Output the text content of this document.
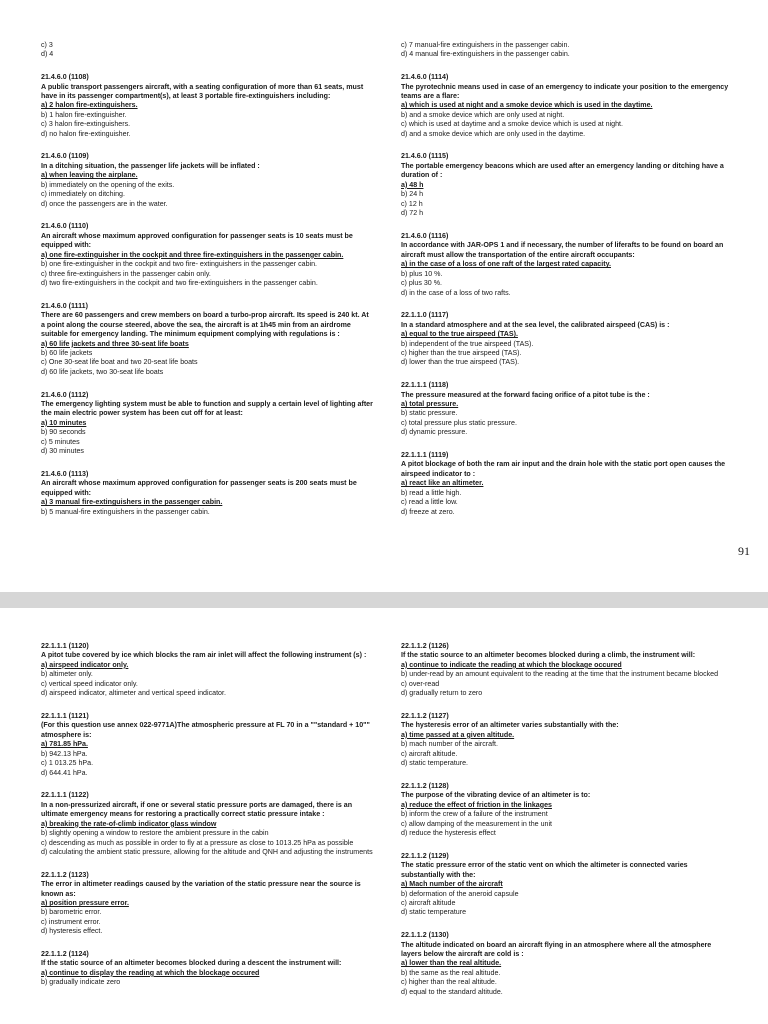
c) 3
d) 4
21.4.6.0 (1108)
A public transport passengers aircraft, with a seating configuration of more than 61 seats, must have in its passenger compartment(s), at least 3 portable fire-extinguishers including:
a) 2 halon fire-extinguishers.
b) 1 halon fire-extinguisher.
c) 3 halon fire-extinguishers.
d) no halon fire-extinguisher.
21.4.6.0 (1109)
In a ditching situation, the passenger life jackets will be inflated :
a) when leaving the airplane.
b) immediately on the opening of the exits.
c) immediately on ditching.
d) once the passengers are in the water.
21.4.6.0 (1110)
An aircraft whose maximum approved configuration for passenger seats is 10 seats must be equipped with:
a) one fire-extinguisher in the cockpit and three fire-extinguishers in the passenger cabin.
b) one fire-extinguisher in the cockpit and two fire- extinguishers in the passenger cabin.
c) three fire-extinguishers in the passenger cabin only.
d) two fire-extinguishers in the cockpit and two fire-extinguishers in the passenger cabin.
21.4.6.0 (1111)
There are 60 passengers and crew members on board a turbo-prop aircraft. Its speed is 240 kt. At a point along the course steered, above the sea, the aircraft is at 1h45 min from an airdrome suitable for emergency landing. The minimum equipment complying with regulations is :
a) 60 life jackets and three 30-seat life boats
b) 60 life jackets
c) One 30-seat life boat and two 20-seat life boats
d) 60 life jackets, two 30-seat life boats
21.4.6.0 (1112)
The emergency lighting system must be able to function and supply a certain level of lighting after the main electric power system has been cut off for at least:
a) 10 minutes
b) 90 seconds
c) 5 minutes
d) 30 minutes
21.4.6.0 (1113)
An aircraft whose maximum approved configuration for passenger seats is 200 seats must be equipped with:
a) 3 manual fire-extinguishers in the passenger cabin.
b) 5 manual-fire extinguishers in the passenger cabin.
c) 7 manual-fire extinguishers in the passenger cabin.
d) 4 manual fire-extinguishers in the passenger cabin.
21.4.6.0 (1114)
The pyrotechnic means used in case of an emergency to indicate your position to the emergency teams are a flare:
a) which is used at night and a smoke device which is used in the daytime.
b) and a smoke device which are only used at night.
c) which is used at daytime and a smoke device which is used at night.
d) and a smoke device which are only used in the daytime.
21.4.6.0 (1115)
The portable emergency beacons which are used after an emergency landing or ditching have a duration of :
a) 48 h
b) 24 h
c) 12 h
d) 72 h
21.4.6.0 (1116)
In accordance with JAR-OPS 1 and if necessary, the number of liferafts to be found on board an aircraft must allow the transportation of the entire aircraft occupants:
a) in the case of a loss of one raft of the largest rated capacity.
b) plus 10 %.
c) plus 30 %.
d) in the case of a loss of two rafts.
22.1.1.0 (1117)
In a standard atmosphere and at the sea level, the calibrated airspeed (CAS) is :
a) equal to the true airspeed (TAS).
b) independent of the true airspeed (TAS).
c) higher than the true airspeed (TAS).
d) lower than the true airspeed (TAS).
22.1.1.1 (1118)
The pressure measured at the forward facing orifice of a pitot tube is the :
a) total pressure.
b) static pressure.
c) total pressure plus static pressure.
d) dynamic pressure.
22.1.1.1 (1119)
A pitot blockage of both the ram air input and the drain hole with the static port open causes the airspeed indicator to :
a) react like an altimeter.
b) read a little high.
c) read a little low.
d) freeze at zero.
91
22.1.1.1 (1120)
A pitot tube covered by ice which blocks the ram air inlet will affect the following instrument (s) :
a) airspeed indicator only.
b) altimeter only.
c) vertical speed indicator only.
d) airspeed indicator, altimeter and vertical speed indicator.
22.1.1.1 (1121)
(For this question use annex 022-9771A)The atmospheric pressure at FL 70 in a ""standard + 10"" atmosphere is:
a) 781.85 hPa.
b) 942.13 hPa.
c) 1 013.25 hPa.
d) 644.41 hPa.
22.1.1.1 (1122)
In a non-pressurized aircraft, if one or several static pressure ports are damaged, there is an ultimate emergency means for restoring a practically correct static pressure intake :
a) breaking the rate-of-climb indicator glass window
b) slightly opening a window to restore the ambient pressure in the cabin
c) descending as much as possible in order to fly at a pressure as close to 1013.25 hPa as possible
d) calculating the ambient static pressure, allowing for the altitude and QNH and adjusting the instruments
22.1.1.2 (1123)
The error in altimeter readings caused by the variation of the static pressure near the source is known as:
a) position pressure error.
b) barometric error.
c) instrument error.
d) hysteresis effect.
22.1.1.2 (1124)
If the static source of an altimeter becomes blocked during a descent the instrument will:
a) continue to display the reading at which the blockage occured
b) gradually indicate zero
22.1.1.2 (1126)
If the static source to an altimeter becomes blocked during a climb, the instrument will:
a) continue to indicate the reading at which the blockage occured
b) under-read by an amount equivalent to the reading at the time that the instrument became blocked
c) over-read
d) gradually return to zero
22.1.1.2 (1127)
The hysteresis error of an altimeter varies substantially with the:
a) time passed at a given altitude.
b) mach number of the aircraft.
c) aircraft altitude.
d) static temperature.
22.1.1.2 (1128)
The purpose of the vibrating device of an altimeter is to:
a) reduce the effect of friction in the linkages
b) inform the crew of a failure of the instrument
c) allow damping of the measurement in the unit
d) reduce the hysteresis effect
22.1.1.2 (1129)
The static pressure error of the static vent on which the altimeter is connected varies substantially with the:
a) Mach number of the aircraft
b) deformation of the aneroid capsule
c) aircraft altitude
d) static temperature
22.1.1.2 (1130)
The altitude indicated on board an aircraft flying in an atmosphere where all the atmosphere layers below the aircraft are cold is :
a) lower than the real altitude.
b) the same as the real altitude.
c) higher than the real altitude.
d) equal to the standard altitude.
